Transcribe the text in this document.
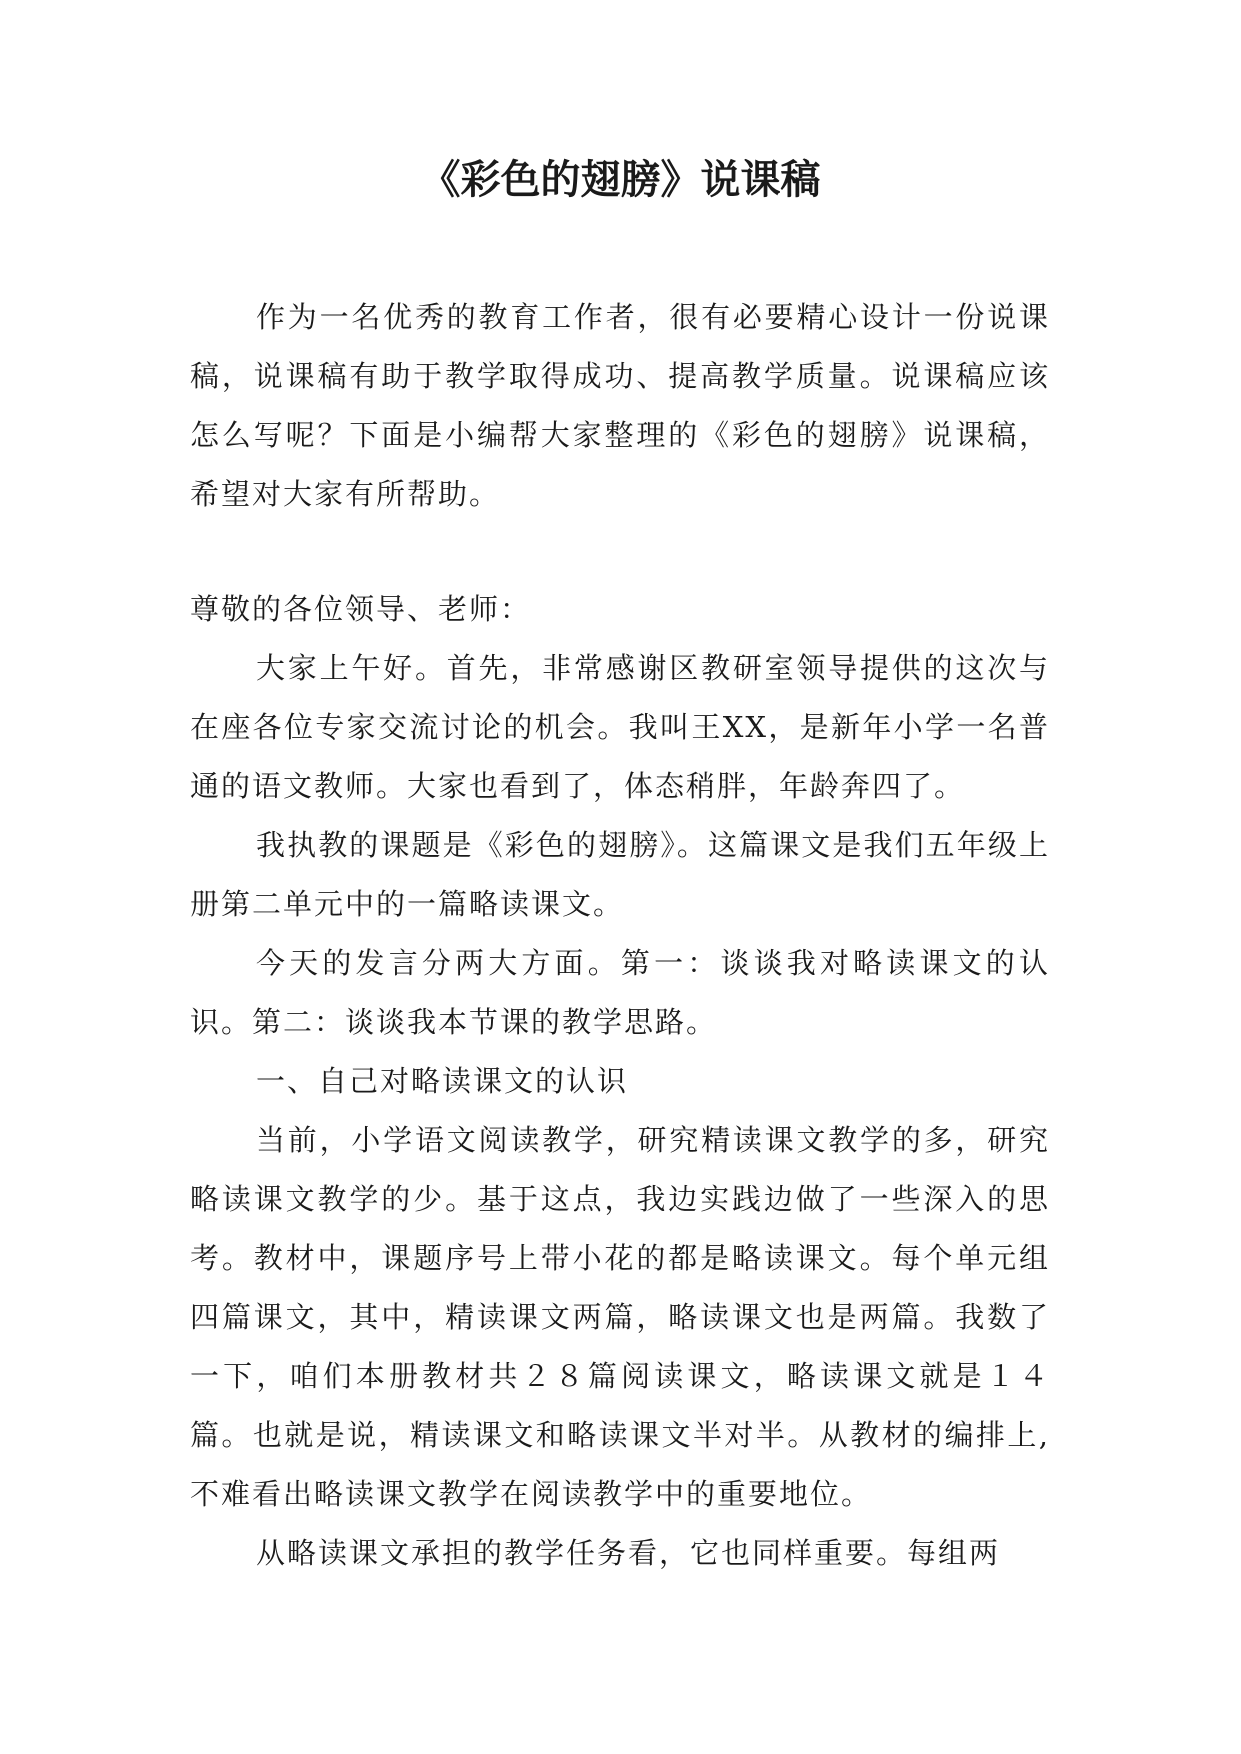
《彩色的翅膀》说课稿

作为一名优秀的教育工作者，很有必要精心设计一份说课稿，说课稿有助于教学取得成功、提高教学质量。说课稿应该怎么写呢？下面是小编帮大家整理的《彩色的翅膀》说课稿，希望对大家有所帮助。

尊敬的各位领导、老师：

大家上午好。首先，非常感谢区教研室领导提供的这次与在座各位专家交流讨论的机会。我叫王XX，是新年小学一名普通的语文教师。大家也看到了，体态稍胖，年龄奔四了。

我执教的课题是《彩色的翅膀》。这篇课文是我们五年级上册第二单元中的一篇略读课文。

今天的发言分两大方面。第一：谈谈我对略读课文的认识。第二：谈谈我本节课的教学思路。

一、自己对略读课文的认识

当前，小学语文阅读教学，研究精读课文教学的多，研究略读课文教学的少。基于这点，我边实践边做了一些深入的思考。教材中，课题序号上带小花的都是略读课文。每个单元组四篇课文，其中，精读课文两篇，略读课文也是两篇。我数了一下，咱们本册教材共２８篇阅读课文，略读课文就是１４篇。也就是说，精读课文和略读课文半对半。从教材的编排上,不难看出略读课文教学在阅读教学中的重要地位。

从略读课文承担的教学任务看，它也同样重要。每组两
